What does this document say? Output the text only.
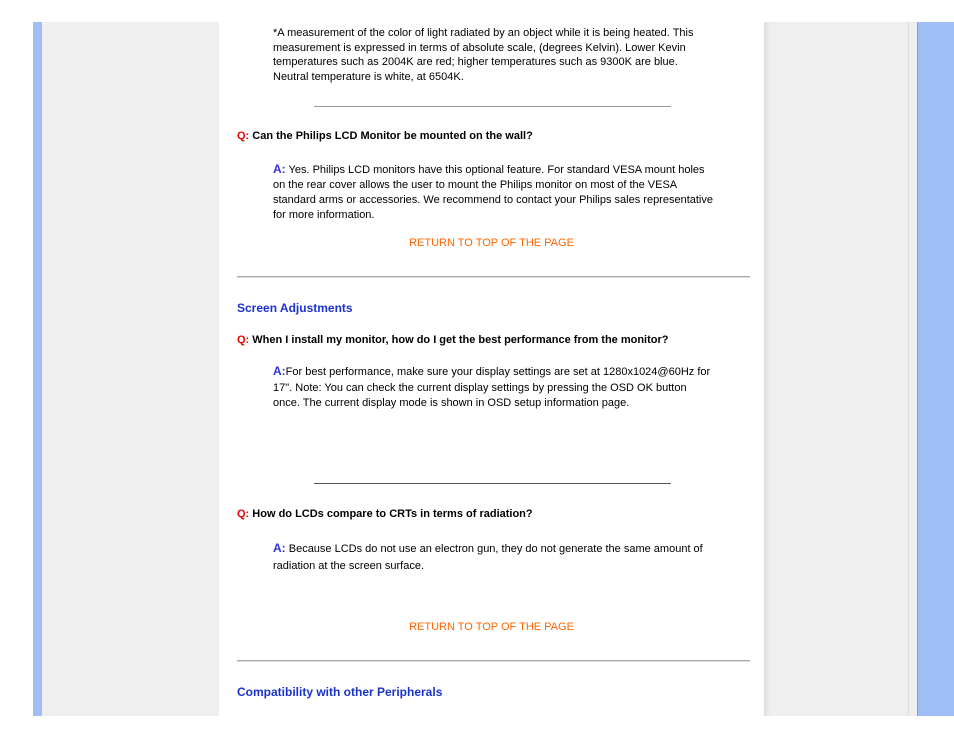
*A measurement of the color of light radiated by an object while it is being heated. This measurement is expressed in terms of absolute scale, (degrees Kelvin). Lower Kevin temperatures such as 2004K are red; higher temperatures such as 9300K are blue. Neutral temperature is white, at 6504K.

Q: Can the Philips LCD Monitor be mounted on the wall?

A: Yes. Philips LCD monitors have this optional feature. For standard VESA mount holes on the rear cover allows the user to mount the Philips monitor on most of the VESA standard arms or accessories. We recommend to contact your Philips sales representative for more information.

RETURN TO TOP OF THE PAGE

Screen Adjustments

Q: When I install my monitor, how do I get the best performance from the monitor?

A:For best performance, make sure your display settings are set at 1280x1024@60Hz for 17". Note: You can check the current display settings by pressing the OSD OK button once. The current display mode is shown in OSD setup information page.

Q: How do LCDs compare to CRTs in terms of radiation?

A: Because LCDs do not use an electron gun, they do not generate the same amount of radiation at the screen surface.

RETURN TO TOP OF THE PAGE

Compatibility with other Peripherals
